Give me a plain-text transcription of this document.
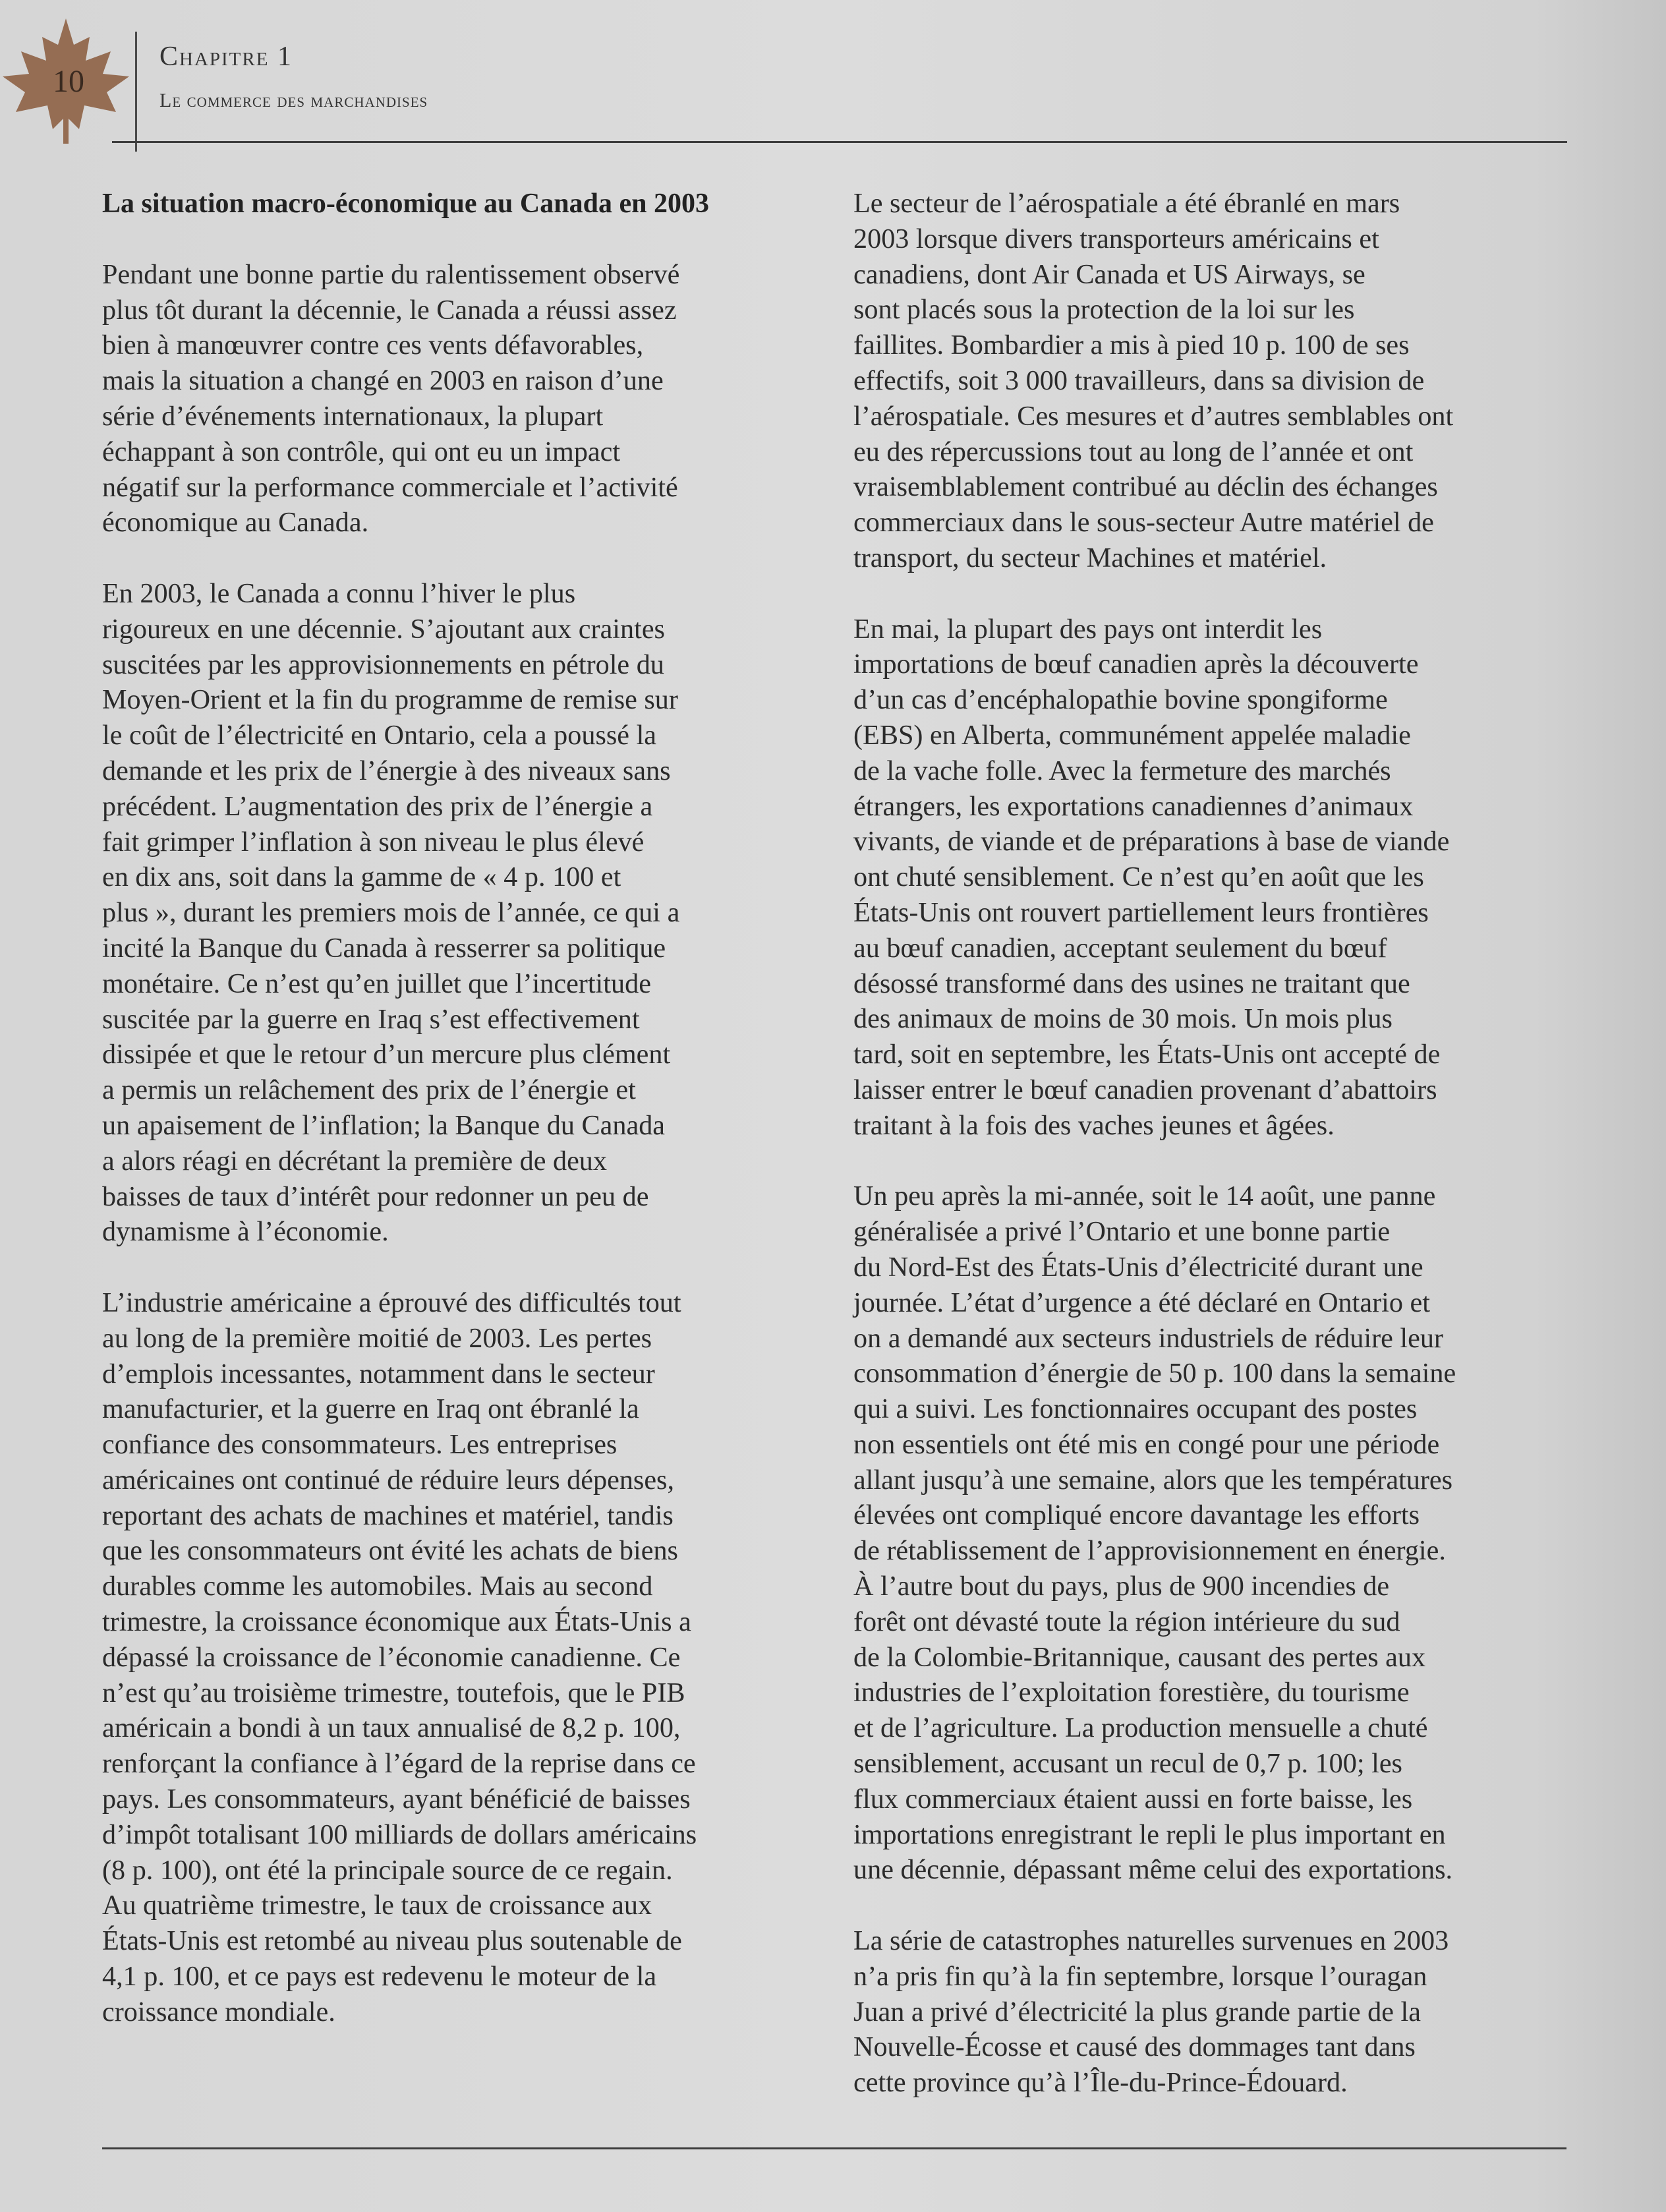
10
Chapitre 1
Le commerce des marchandises
La situation macro-économique au Canada en 2003
Pendant une bonne partie du ralentissement observé
plus tôt durant la décennie, le Canada a réussi assez
bien à manœuvrer contre ces vents défavorables,
mais la situation a changé en 2003 en raison d’une
série d’événements internationaux, la plupart
échappant à son contrôle, qui ont eu un impact
négatif sur la performance commerciale et l’activité
économique au Canada.
En 2003, le Canada a connu l’hiver le plus
rigoureux en une décennie. S’ajoutant aux craintes
suscitées par les approvisionnements en pétrole du
Moyen-Orient et la fin du programme de remise sur
le coût de l’électricité en Ontario, cela a poussé la
demande et les prix de l’énergie à des niveaux sans
précédent. L’augmentation des prix de l’énergie a
fait grimper l’inflation à son niveau le plus élevé
en dix ans, soit dans la gamme de « 4 p. 100 et
plus », durant les premiers mois de l’année, ce qui a
incité la Banque du Canada à resserrer sa politique
monétaire. Ce n’est qu’en juillet que l’incertitude
suscitée par la guerre en Iraq s’est effectivement
dissipée et que le retour d’un mercure plus clément
a permis un relâchement des prix de l’énergie et
un apaisement de l’inflation; la Banque du Canada
a alors réagi en décrétant la première de deux
baisses de taux d’intérêt pour redonner un peu de
dynamisme à l’économie.
L’industrie américaine a éprouvé des difficultés tout
au long de la première moitié de 2003. Les pertes
d’emplois incessantes, notamment dans le secteur
manufacturier, et la guerre en Iraq ont ébranlé la
confiance des consommateurs. Les entreprises
américaines ont continué de réduire leurs dépenses,
reportant des achats de machines et matériel, tandis
que les consommateurs ont évité les achats de biens
durables comme les automobiles. Mais au second
trimestre, la croissance économique aux États-Unis a
dépassé la croissance de l’économie canadienne. Ce
n’est qu’au troisième trimestre, toutefois, que le PIB
américain a bondi à un taux annualisé de 8,2 p. 100,
renforçant la confiance à l’égard de la reprise dans ce
pays. Les consommateurs, ayant bénéficié de baisses
d’impôt totalisant 100 milliards de dollars américains
(8 p. 100), ont été la principale source de ce regain.
Au quatrième trimestre, le taux de croissance aux
États-Unis est retombé au niveau plus soutenable de
4,1 p. 100, et ce pays est redevenu le moteur de la
croissance mondiale.
Le secteur de l’aérospatiale a été ébranlé en mars
2003 lorsque divers transporteurs américains et
canadiens, dont Air Canada et US Airways, se
sont placés sous la protection de la loi sur les
faillites. Bombardier a mis à pied 10 p. 100 de ses
effectifs, soit 3 000 travailleurs, dans sa division de
l’aérospatiale. Ces mesures et d’autres semblables ont
eu des répercussions tout au long de l’année et ont
vraisemblablement contribué au déclin des échanges
commerciaux dans le sous-secteur Autre matériel de
transport, du secteur Machines et matériel.
En mai, la plupart des pays ont interdit les
importations de bœuf canadien après la découverte
d’un cas d’encéphalopathie bovine spongiforme
(EBS) en Alberta, communément appelée maladie
de la vache folle. Avec la fermeture des marchés
étrangers, les exportations canadiennes d’animaux
vivants, de viande et de préparations à base de viande
ont chuté sensiblement. Ce n’est qu’en août que les
États-Unis ont rouvert partiellement leurs frontières
au bœuf canadien, acceptant seulement du bœuf
désossé transformé dans des usines ne traitant que
des animaux de moins de 30 mois. Un mois plus
tard, soit en septembre, les États-Unis ont accepté de
laisser entrer le bœuf canadien provenant d’abattoirs
traitant à la fois des vaches jeunes et âgées.
Un peu après la mi-année, soit le 14 août, une panne
généralisée a privé l’Ontario et une bonne partie
du Nord-Est des États-Unis d’électricité durant une
journée. L’état d’urgence a été déclaré en Ontario et
on a demandé aux secteurs industriels de réduire leur
consommation d’énergie de 50 p. 100 dans la semaine
qui a suivi. Les fonctionnaires occupant des postes
non essentiels ont été mis en congé pour une période
allant jusqu’à une semaine, alors que les températures
élevées ont compliqué encore davantage les efforts
de rétablissement de l’approvisionnement en énergie.
À l’autre bout du pays, plus de 900 incendies de
forêt ont dévasté toute la région intérieure du sud
de la Colombie-Britannique, causant des pertes aux
industries de l’exploitation forestière, du tourisme
et de l’agriculture. La production mensuelle a chuté
sensiblement, accusant un recul de 0,7 p. 100; les
flux commerciaux étaient aussi en forte baisse, les
importations enregistrant le repli le plus important en
une décennie, dépassant même celui des exportations.
La série de catastrophes naturelles survenues en 2003
n’a pris fin qu’à la fin septembre, lorsque l’ouragan
Juan a privé d’électricité la plus grande partie de la
Nouvelle-Écosse et causé des dommages tant dans
cette province qu’à l’Île-du-Prince-Édouard.
